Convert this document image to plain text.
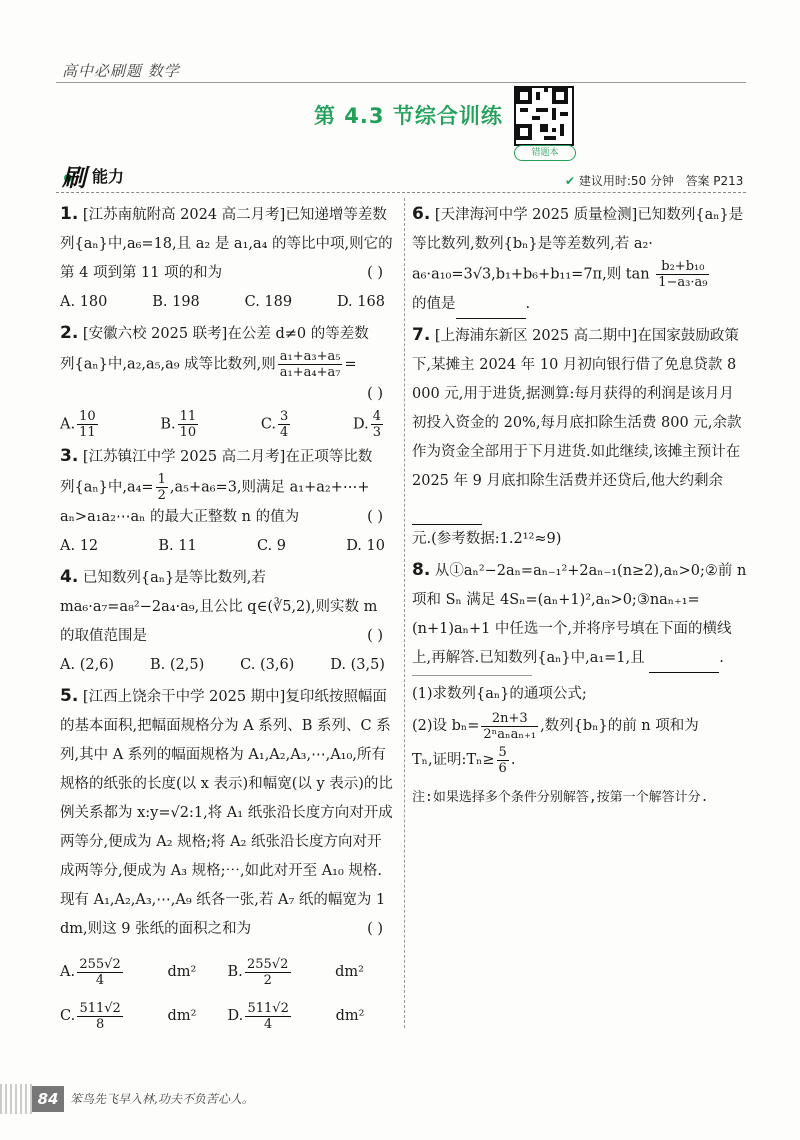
高中必刷题 数学
第 4.3 节综合训练
错题本
刷 能力	✔ 建议用时:50 分钟 答案 P213
1. [江苏南航附高 2024 高二月考]已知递增等差数列{aₙ}中,a₆=18,且 a₂ 是 a₁,a₄ 的等比中项,则它的第 4 项到第 11 项的和为	( )
A. 180	B. 198	C. 189	D. 168
2. [安徽六校 2025 联考]在公差 d≠0 的等差数
列{aₙ}中,a₂,a₅,a₉ 成等比数列,则 $\frac{\text{a₁+a₃+a₅}}{\text{a₁+a₄+a₇}}$ =
( )
A. $\frac{10}{11}$	B. $\frac{11}{10}$	C. $\frac{3}{4}$	D. $\frac{4}{3}$
3. [江苏镇江中学 2025 高二月考]在正项等比数
列{aₙ}中$,a_4= \frac{1}{2} ,a_5+a_6=3$,则满足 a₁+a₂+⋯+
aₙ>a₁a₂⋯aₙ 的最大正整数 n 的值为	( )
A. 12	B. 11	C. 9	D. 10
4. 已知数列{aₙ}是等比数列,若 ma₆·a₇=a₈²−2a₄·a₉,且公比 q∈(∛5,2),则实数 m 的取值范围是	( )
A. (2,6) B. (2,5) C. (3,6) D. (3,5)
5. [江西上饶余干中学 2025 期中]复印纸按照幅面的基本面积,把幅面规格分为 A 系列、B 系列、C 系列,其中 A 系列的幅面规格为 A₁,A₂,A₃,⋯,A₁₀,所有规格的纸张的长度(以 x 表示)和幅宽(以 y 表示)的比例关系都为 x:y=√2:1,将 A₁ 纸张沿长度方向对开成两等分,便成为 A₂ 规格;将 A₂ 纸张沿长度方向对开成两等分,便成为 A₃ 规格;⋯,如此对开至 A₁₀ 规格.现有 A₁,A₂,A₃,⋯,A₉ 纸各一张,若 A₇ 纸的幅宽为 1 dm,则这 9 张纸的面积之和为	( )
A. $\frac{255√2}{4} dm^2$	B. $\frac{255√2}{2} dm^2$
C. $\frac{511√2}{8} dm^2$	D. $\frac{511√2}{4} dm^2$
6. [天津海河中学 2025 质量检测]已知数列{aₙ}是等比数列,数列{bₙ}是等差数列,若 a₂·
a₆·a₁₀=3√3,b₁+b₆+b₁₁=7π,则 $\tan \frac{\text{b₂+b₁₀}}{\text{1−a₃·a₉}}$

的值是	.
7. [上海浦东新区 2025 高二期中]在国家鼓励政策下,某摊主 2024 年 10 月初向银行借了免息贷款 8 000 元,用于进货,据测算:每月获得的利润是该月月初投入资金的 20%,每月底扣除生活费 800 元,余款作为资金全部用于下月进货.如此继续,该摊主预计在 2025 年 9 月底扣除生活费并还贷后,他大约剩余
元.(参考数据:1.2¹²≈9)
8. 从①aₙ²−2aₙ=aₙ₋₁²+2aₙ₋₁(n≥2),aₙ>0;②前 n 项和 Sₙ 满足 4Sₙ=(aₙ+1)²,aₙ>0;③naₙ₊₁=(n+1)aₙ+1 中任选一个,并将序号填在下面的横线上,再解答.已知数列{aₙ}中,a₁=1,且	.
(1)求数列{aₙ}的通项公式;
(2)设 $b_n= \frac{2n+3}{\text{2ⁿaₙaₙ₊₁}}$ ,数列{bₙ}的前 n 项和为
Tₙ,证明:Tₙ≥ $\frac{5}{6}$ .
注:如果选择多个条件分别解答,按第一个解答计分.
84 笨鸟先飞早入林,功夫不负苦心人。
